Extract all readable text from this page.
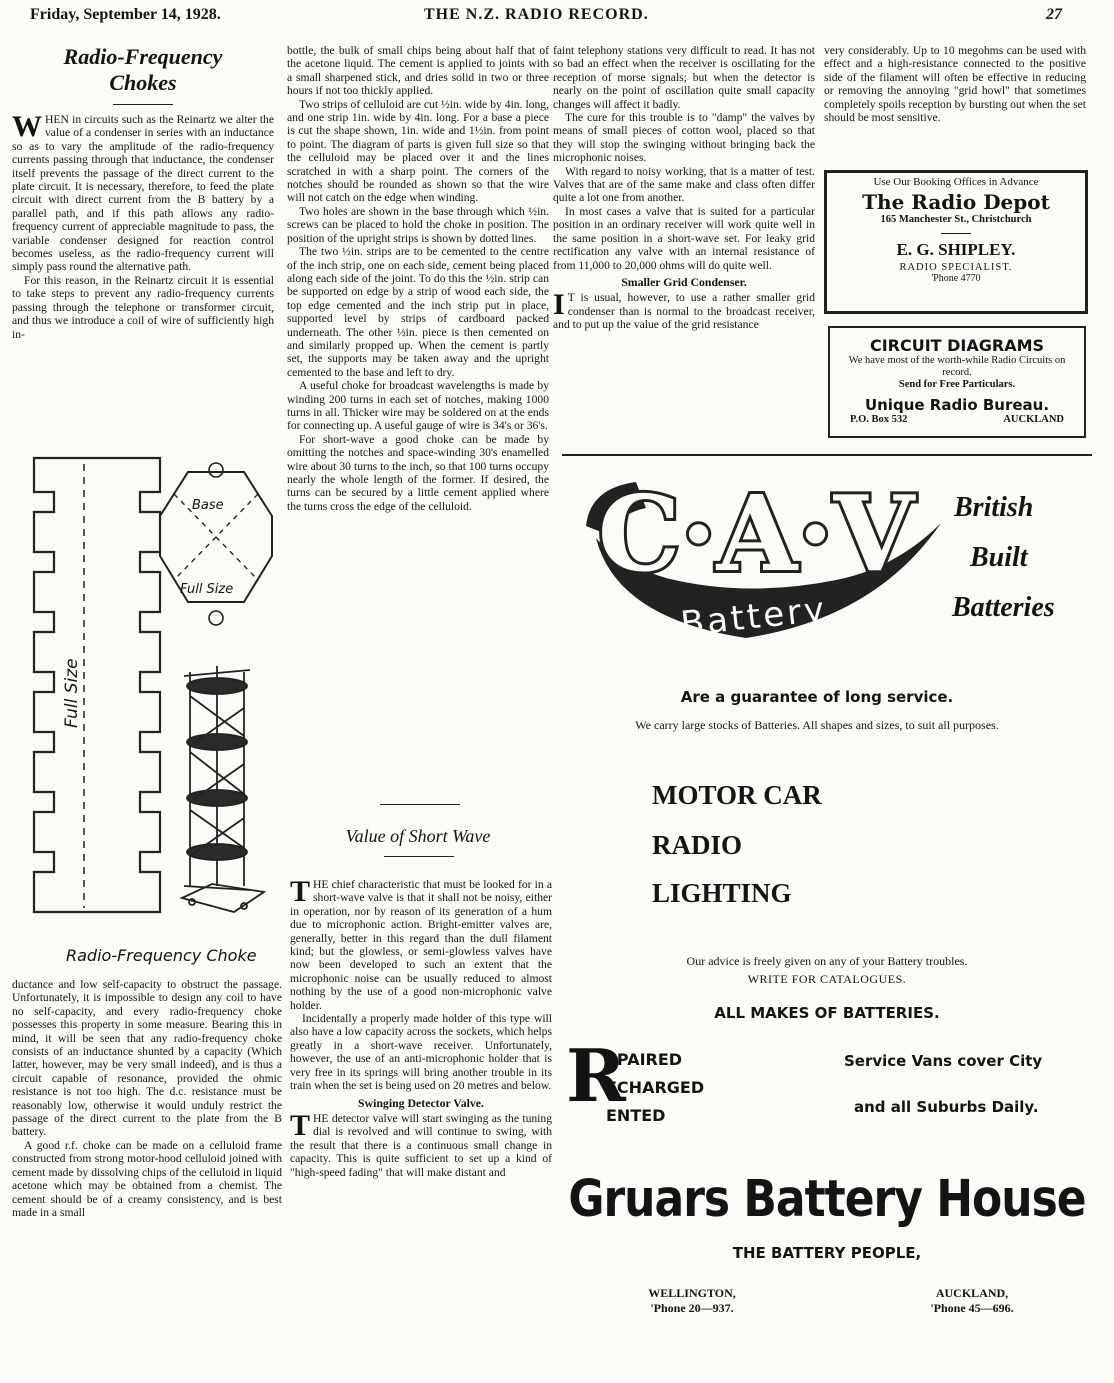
Friday, September 14, 1928.	THE N.Z. RADIO RECORD.	27
Radio-Frequency
Chokes

WHEN in circuits such as the Reinartz we alter the value of a condenser in series with an inductance so as to vary the amplitude of the radio-frequency currents passing through that inductance, the condenser itself prevents the passage of the direct current to the plate circuit. It is necessary, therefore, to feed the plate circuit with direct current from the B battery by a parallel path, and if this path allows any radio-frequency current of appreciable magnitude to pass, the variable condenser designed for reaction control becomes useless, as the radio-frequency current will simply pass round the alternative path.

For this reason, in the Reinartz circuit it is essential to take steps to prevent any radio-frequency currents passing through the telephone or transformer circuit, and thus we introduce a coil of wire of sufficiently high in-

Base
Full Size
Full Size
Radio-Frequency Choke

ductance and low self-capacity to obstruct the passage. Unfortunately, it is impossible to design any coil to have no self-capacity, and every radio-frequency choke possesses this property in some measure. Bearing this in mind, it will be seen that any radio-frequency choke consists of an inductance shunted by a capacity (Which latter, however, may be very small indeed), and is thus a circuit capable of resonance, provided the ohmic resistance is not too high. The d.c. resistance must be reasonably low, otherwise it would unduly restrict the passage of the direct current to the plate from the B battery.

A good r.f. choke can be made on a celluloid frame constructed from strong motor-hood celluloid joined with cement made by dissolving chips of the celluloid in liquid acetone which may be obtained from a chemist. The cement should be of a creamy consistency, and is best made in a small

bottle, the bulk of small chips being about half that of the acetone liquid. The cement is applied to joints with a small sharpened stick, and dries solid in two or three hours if not too thickly applied.

Two strips of celluloid are cut ½in. wide by 4in. long, and one strip 1in. wide by 4in. long. For a base a piece is cut the shape shown, 1in. wide and 1½in. from point to point. The diagram of parts is given full size so that the celluloid may be placed over it and the lines scratched in with a sharp point. The corners of the notches should be rounded as shown so that the wire will not catch on the edge when winding.

Two holes are shown in the base through which ½in. screws can be placed to hold the choke in position. The position of the upright strips is shown by dotted lines.

The two ½in. strips are to be cemented to the centre of the inch strip, one on each side, cement being placed along each side of the joint. To do this the ½in. strip can be supported on edge by a strip of wood each side, the top edge cemented and the inch strip put in place, supported level by strips of cardboard packed underneath. The other ½in. piece is then cemented on and similarly propped up. When the cement is partly set, the supports may be taken away and the upright cemented to the base and left to dry.

A useful choke for broadcast wavelengths is made by winding 200 turns in each set of notches, making 1000 turns in all. Thicker wire may be soldered on at the ends for connecting up. A useful gauge of wire is 34's or 36's.

For short-wave a good choke can be made by omitting the notches and space-winding 30's enamelled wire about 30 turns to the inch, so that 100 turns occupy nearly the whole length of the former. If desired, the turns can be secured by a little cement applied where the turns cross the edge of the celluloid.

Value of Short Wave

THE chief characteristic that must be looked for in a short-wave valve is that it shall not be noisy, either in operation, nor by reason of its generation of a hum due to microphonic action. Bright-emitter valves are, generally, better in this regard than the dull filament kind; but the glowless, or semi-glowless valves have now been developed to such an extent that the microphonic noise can be usually reduced to almost nothing by the use of a good non-microphonic valve holder.

Incidentally a properly made holder of this type will also have a low capacity across the sockets, which helps greatly in a short-wave receiver. Unfortunately, however, the use of an anti-microphonic holder that is very free in its springs will bring another trouble in its train when the set is being used on 20 metres and below.

Swinging Detector Valve.

THE detector valve will start swinging as the tuning dial is revolved and will continue to swing, with the result that there is a continuous small change in capacity. This is quite sufficient to set up a kind of "high-speed fading" that will make distant and

faint telephony stations very difficult to read. It has not so bad an effect when the receiver is oscillating for the reception of morse signals; but when the detector is nearly on the point of oscillation quite small capacity changes will affect it badly.

The cure for this trouble is to "damp" the valves by means of small pieces of cotton wool, placed so that they will stop the swinging without bringing back the microphonic noises.

With regard to noisy working, that is a matter of test. Valves that are of the same make and class often differ quite a lot one from another.

In most cases a valve that is suited for a particular position in an ordinary receiver will work quite well in the same position in a short-wave set. For leaky grid rectification any valve with an internal resistance of from 11,000 to 20,000 ohms will do quite well.

Smaller Grid Condenser.

I T is usual, however, to use a rather smaller grid condenser than is normal to the broadcast receiver, and to put up the value of the grid resistance

very considerably. Up to 10 megohms can be used with effect and a high-resistance connected to the positive side of the filament will often be effective in reducing or removing the annoying "grid howl" that sometimes completely spoils reception by bursting out when the set should be most sensitive.

Use Our Booking Offices in Advance
The Radio Depot
165 Manchester St., Christchurch
E. G. SHIPLEY.
RADIO SPECIALIST.
'Phone 4770
CIRCUIT DIAGRAMS
We have most of the worth-while Radio Circuits on record.
Send for Free Particulars.
Unique Radio Bureau.
P.O. Box 532	AUCKLAND
C·A·V
Battery
British
Built
Batteries
Are a guarantee of long service.
We carry large stocks of Batteries. All shapes and sizes, to suit all purposes.
MOTOR CAR
RADIO
LIGHTING
Our advice is freely given on any of your Battery troubles.
WRITE FOR CATALOGUES.
ALL MAKES OF BATTERIES.
R
EPAIRED
ECHARGED
ENTED
Service Vans cover City
and all Suburbs Daily.
Gruars Battery House
THE BATTERY PEOPLE,
WELLINGTON,
'Phone 20—937.
AUCKLAND,
'Phone 45—696.
